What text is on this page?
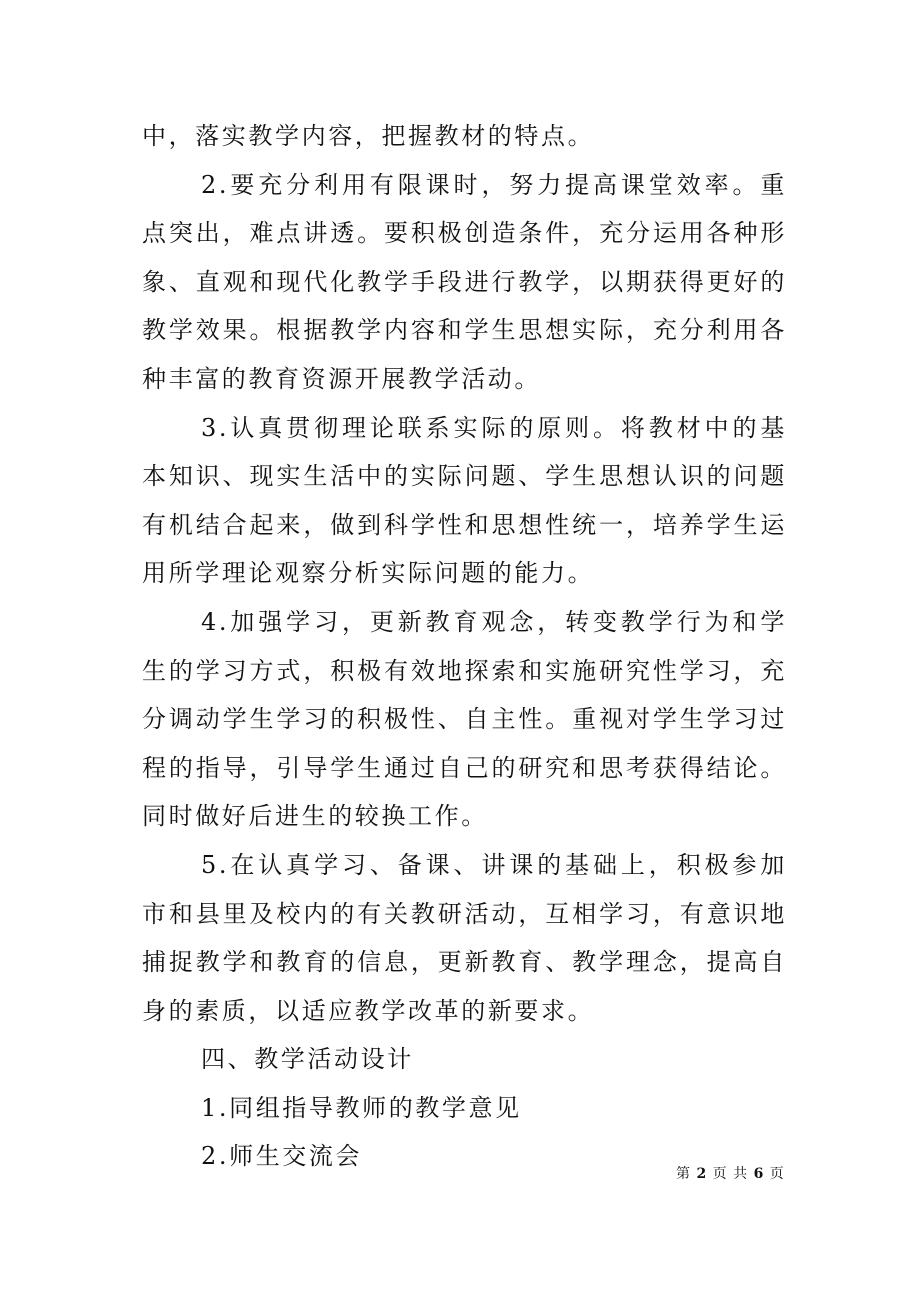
中，落实教学内容，把握教材的特点。

2.要充分利用有限课时，努力提高课堂效率。重点突出，难点讲透。要积极创造条件，充分运用各种形象、直观和现代化教学手段进行教学，以期获得更好的教学效果。根据教学内容和学生思想实际，充分利用各种丰富的教育资源开展教学活动。

3.认真贯彻理论联系实际的原则。将教材中的基本知识、现实生活中的实际问题、学生思想认识的问题有机结合起来，做到科学性和思想性统一，培养学生运用所学理论观察分析实际问题的能力。

4.加强学习，更新教育观念，转变教学行为和学生的学习方式，积极有效地探索和实施研究性学习，充分调动学生学习的积极性、自主性。重视对学生学习过程的指导，引导学生通过自己的研究和思考获得结论。同时做好后进生的较换工作。

5.在认真学习、备课、讲课的基础上，积极参加市和县里及校内的有关教研活动，互相学习，有意识地捕捉教学和教育的信息，更新教育、教学理念，提高自身的素质，以适应教学改革的新要求。

四、教学活动设计

1.同组指导教师的教学意见

2.师生交流会

第 2 页 共 6 页
